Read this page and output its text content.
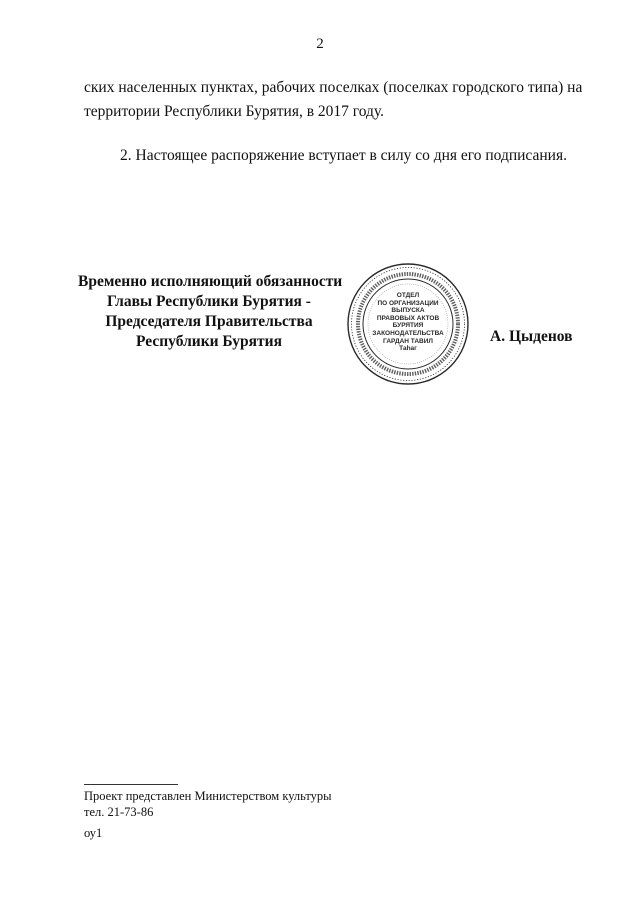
2
ских населенных пунктах, рабочих поселках (поселках городского типа) на
территории Республики Бурятия, в 2017 году.
2. Настоящее распоряжение вступает в силу со дня его подписания.
Временно исполняющий обязанности
Главы Республики Бурятия -
Председателя Правительства
Республики Бурятия
ОТДЕЛ
ПО ОРГАНИЗАЦИИ
ВЫПУСКА
ПРАВОВЫХ АКТОВ
БУРЯТИЯ
ЗАКОНОДАТЕЛЬСТВА
ГАРДАН ТАВИЛ
Таһаг
А. Цыденов
Проект представлен Министерством культуры
тел. 21-73-86
оу1
